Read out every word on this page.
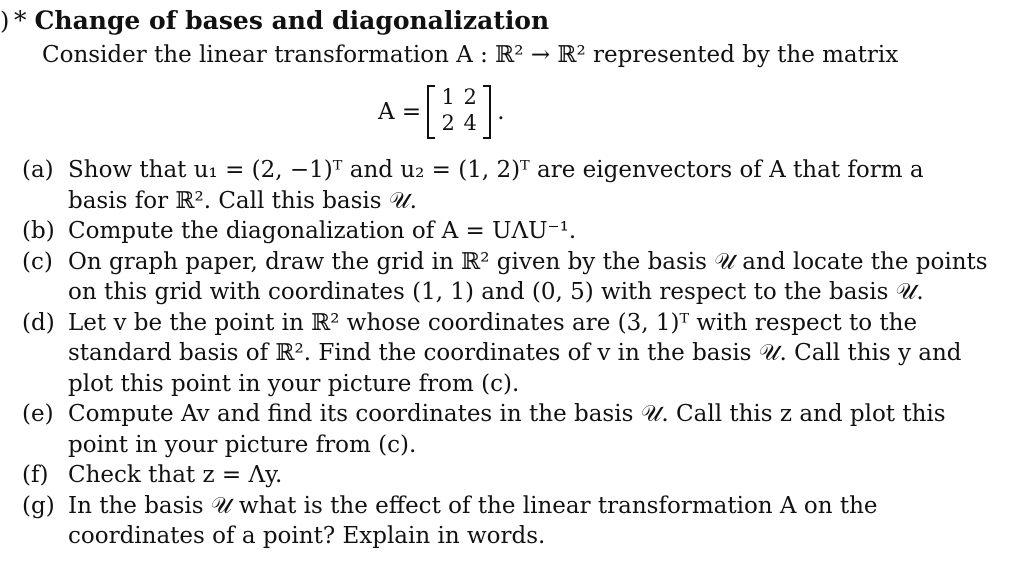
) * Change of bases and diagonalization
Consider the linear transformation A : ℝ² → ℝ² represented by the matrix
A =
1 2
2 4 .
(a) Show that u₁ = (2, −1)ᵀ and u₂ = (1, 2)ᵀ are eigenvectors of A that form a
basis for ℝ². Call this basis 𝒰.
(b) Compute the diagonalization of A = UΛU⁻¹.
(c) On graph paper, draw the grid in ℝ² given by the basis 𝒰 and locate the points
on this grid with coordinates (1, 1) and (0, 5) with respect to the basis 𝒰.
(d) Let v be the point in ℝ² whose coordinates are (3, 1)ᵀ with respect to the
standard basis of ℝ². Find the coordinates of v in the basis 𝒰. Call this y and
plot this point in your picture from (c).
(e) Compute Av and find its coordinates in the basis 𝒰. Call this z and plot this
point in your picture from (c).
(f) Check that z = Λy.
(g) In the basis 𝒰 what is the effect of the linear transformation A on the
coordinates of a point? Explain in words.
